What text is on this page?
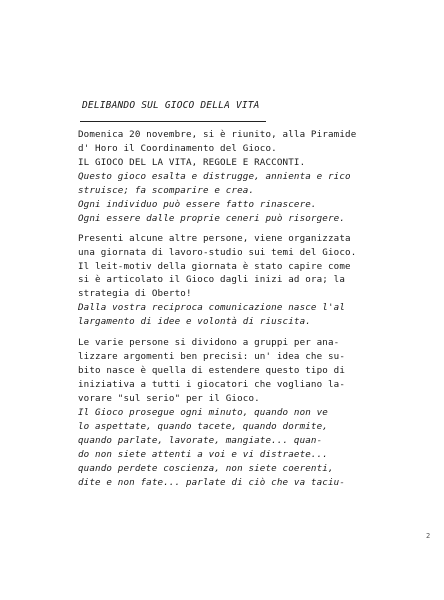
DELIBANDO SUL GIOCO DELLA VITA
Domenica 20 novembre, si è riunito, alla Piramide
d' Horo il Coordinamento del Gioco.
IL GIOCO DEL LA VITA, REGOLE E RACCONTI.
Questo gioco esalta e distrugge, annienta e rico
struisce; fa scomparire e crea.
Ogni individuo può essere fatto rinascere.
Ogni essere dalle proprie ceneri può risorgere.
Presenti alcune altre persone, viene organizzata
una giornata di lavoro-studio sui temi del Gioco.
Il leit-motiv della giornata è stato capire come
si è articolato il Gioco dagli inizi ad ora; la
strategia di Oberto!
Dalla vostra reciproca comunicazione nasce l'al
largamento di idee e volontà di riuscita.
Le varie persone si dividono a gruppi per ana-
lizzare argomenti ben precisi: un' idea che su-
bito nasce è quella di estendere questo tipo di
iniziativa a tutti i giocatori che vogliano la-
vorare "sul serio" per il Gioco.
Il Gioco prosegue ogni minuto, quando non ve
lo aspettate, quando tacete, quando dormite,
quando parlate, lavorate, mangiate... quan-
do non siete attenti a voi e vi distraete...
quando perdete coscienza, non siete coerenti,
dite e non fate... parlate di ciò che va taciu-
2
